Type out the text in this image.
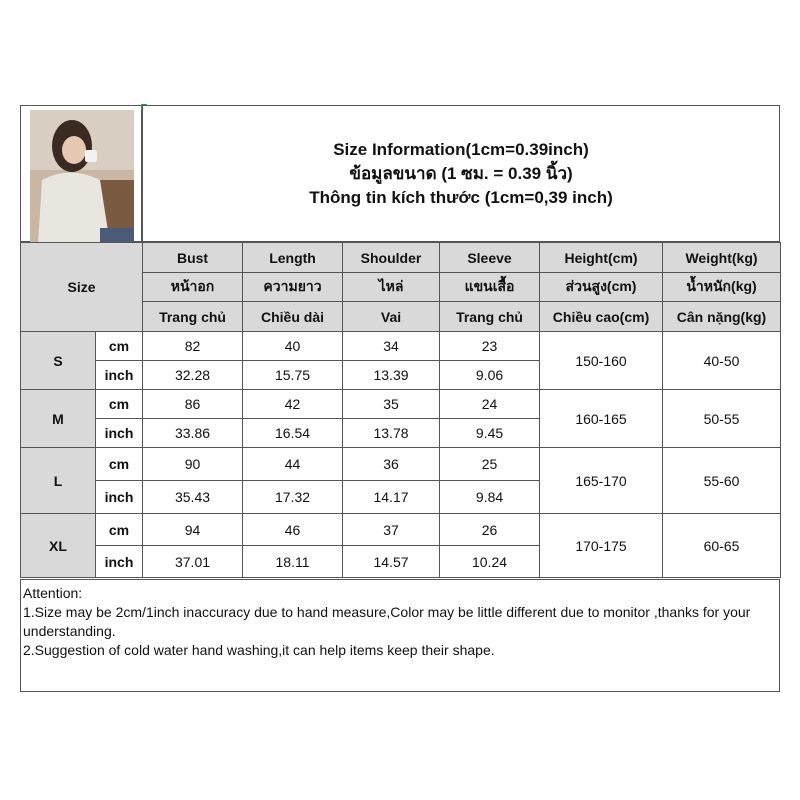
Size Information(1cm=0.39inch)
ข้อมูลขนาด (1 ซม. = 0.39 นิ้ว)
Thông tin kích thước (1cm=0,39 inch)
Size		Bust	Length	Shoulder	Sleeve	Height(cm)	Weight(kg)
		หน้าอก	ความยาว	ไหล่	แขนเสื้อ	ส่วนสูง(cm)	น้ำหนัก(kg)
		Trang chủ	Chiều dài	Vai	Trang chủ	Chiều cao(cm)	Cân nặng(kg)
S	cm	82	40	34	23	150-160	40-50
	inch	32.28	15.75	13.39	9.06		
M	cm	86	42	35	24	160-165	50-55
	inch	33.86	16.54	13.78	9.45		
L	cm	90	44	36	25	165-170	55-60
	inch	35.43	17.32	14.17	9.84		
XL	cm	94	46	37	26	170-175	60-65
	inch	37.01	18.11	14.57	10.24		
Attention:
1.Size may be 2cm/1inch inaccuracy due to hand measure,Color may be little different due to monitor ,thanks for your understanding.
2.Suggestion of cold water hand washing,it can help items keep their shape.
